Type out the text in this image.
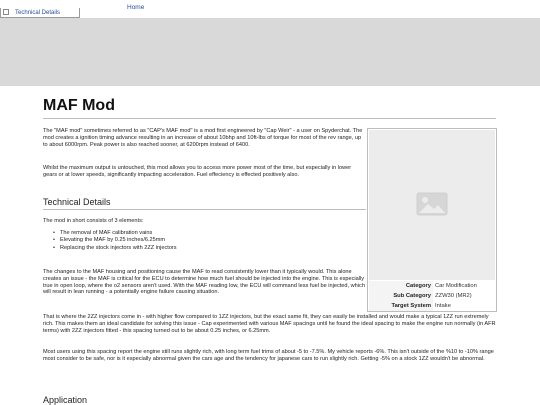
Technical Details
Home
MAF Mod

The "MAF mod" sometimes referred to as "CAP's MAF mod" is a mod first engineered by "Cap Weir" - a user on Spyderchat. The mod creates a ignition timing advance resulting in an increase of about 10bhp and 10ft-lbs of torque for most of the rev range, up to about 6000rpm. Peak power is also reached sooner, at 6200rpm instead of 6400.

Whilst the maximum output is untouched, this mod allows you to access more power most of the time, but especially in lower gears or at lower speeds, significantly impacting acceleration. Fuel effeciency is effected positively also.

Technical Details

The mod in short consists of 3 elements:

• The removal of MAF calibration vains
• Elevating the MAF by 0.25 inches/6.25mm
• Replacing the stock injectors with 2ZZ injectors

The changes to the MAF housing and positioning cause the MAF to read consistently lower than it typically would. This alone creates an issue - the MAF is critical for the ECU to determine how much fuel should be injected into the engine. This is especially true in open loop, where the o2 sensors aren't used. With the MAF reading low, the ECU will command less fuel be injected, which will result in lean running - a potentially engine failure causing situation.

That is where the 2ZZ injectors come in - with higher flow compared to 1ZZ injectors, but the exact same fit, they can easily be installed and would make a typical 1ZZ run extremely rich. This makes them an ideal candidate for solving this issue - Cap experimented with various MAF spacings until he found the ideal spacing to make the engine run normally (in AFR terms) with 2ZZ injectors fitted - this spacing turned out to be about 0.25 inches, or 6.25mm.

Most users using this spacing report the engine still runs slightly rich, with long term fuel trims of about -5 to -7.5%. My vehicle reports -6%. This isn't outside of the %10 to -10% range most consider to be safe, nor is it especially abnormal given the cars age and the tendency for japanese cars to run slightly rich. Getting -5% on a stock 1ZZ wouldn't be abnormal.

Application
Category	Car Modification
Sub Category	ZZW30 (MR2)
Target System	Intake
